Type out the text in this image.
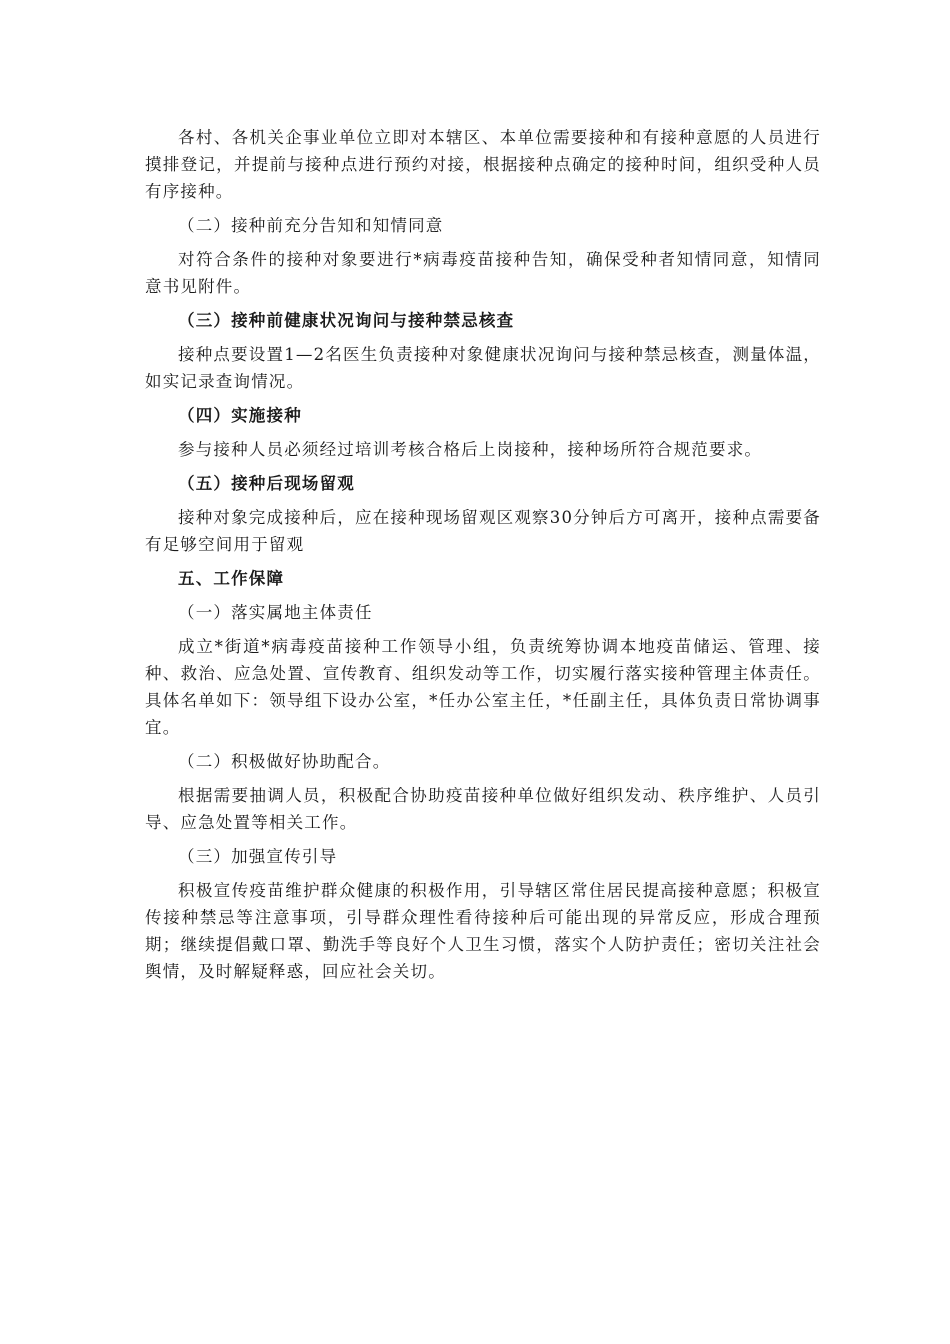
各村、各机关企事业单位立即对本辖区、本单位需要接种和有接种意愿的人员进行摸排登记，并提前与接种点进行预约对接，根据接种点确定的接种时间，组织受种人员有序接种。

（二）接种前充分告知和知情同意

对符合条件的接种对象要进行*病毒疫苗接种告知，确保受种者知情同意，知情同意书见附件。

（三）接种前健康状况询问与接种禁忌核查

接种点要设置1—2名医生负责接种对象健康状况询问与接种禁忌核查，测量体温，如实记录查询情况。

（四）实施接种

参与接种人员必须经过培训考核合格后上岗接种，接种场所符合规范要求。

（五）接种后现场留观

接种对象完成接种后，应在接种现场留观区观察30分钟后方可离开，接种点需要备有足够空间用于留观

五、工作保障

（一）落实属地主体责任

成立*街道*病毒疫苗接种工作领导小组，负责统筹协调本地疫苗储运、管理、接种、救治、应急处置、宣传教育、组织发动等工作，切实履行落实接种管理主体责任。具体名单如下：领导组下设办公室，*任办公室主任，*任副主任，具体负责日常协调事宜。

（二）积极做好协助配合。

根据需要抽调人员，积极配合协助疫苗接种单位做好组织发动、秩序维护、人员引导、应急处置等相关工作。

（三）加强宣传引导

积极宣传疫苗维护群众健康的积极作用，引导辖区常住居民提高接种意愿；积极宣传接种禁忌等注意事项，引导群众理性看待接种后可能出现的异常反应，形成合理预期；继续提倡戴口罩、勤洗手等良好个人卫生习惯，落实个人防护责任；密切关注社会舆情，及时解疑释惑，回应社会关切。
